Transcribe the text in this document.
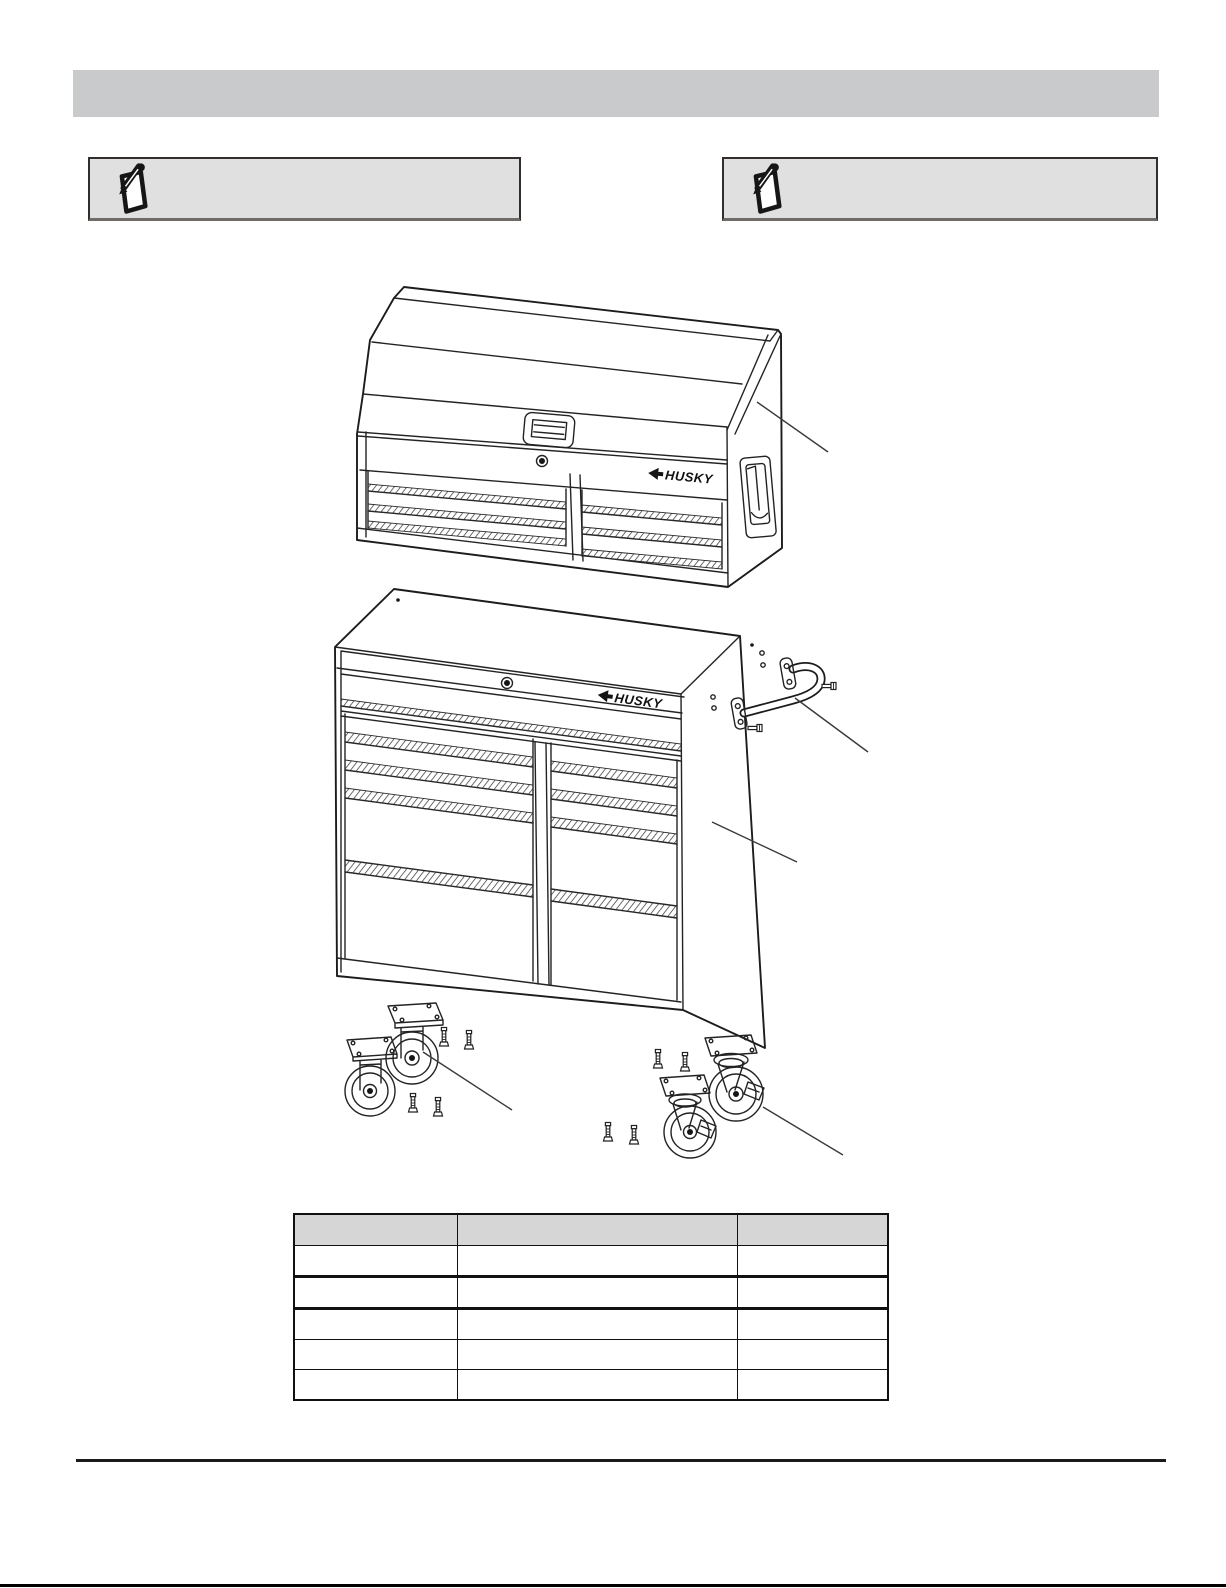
HUSKY
HUSKY
